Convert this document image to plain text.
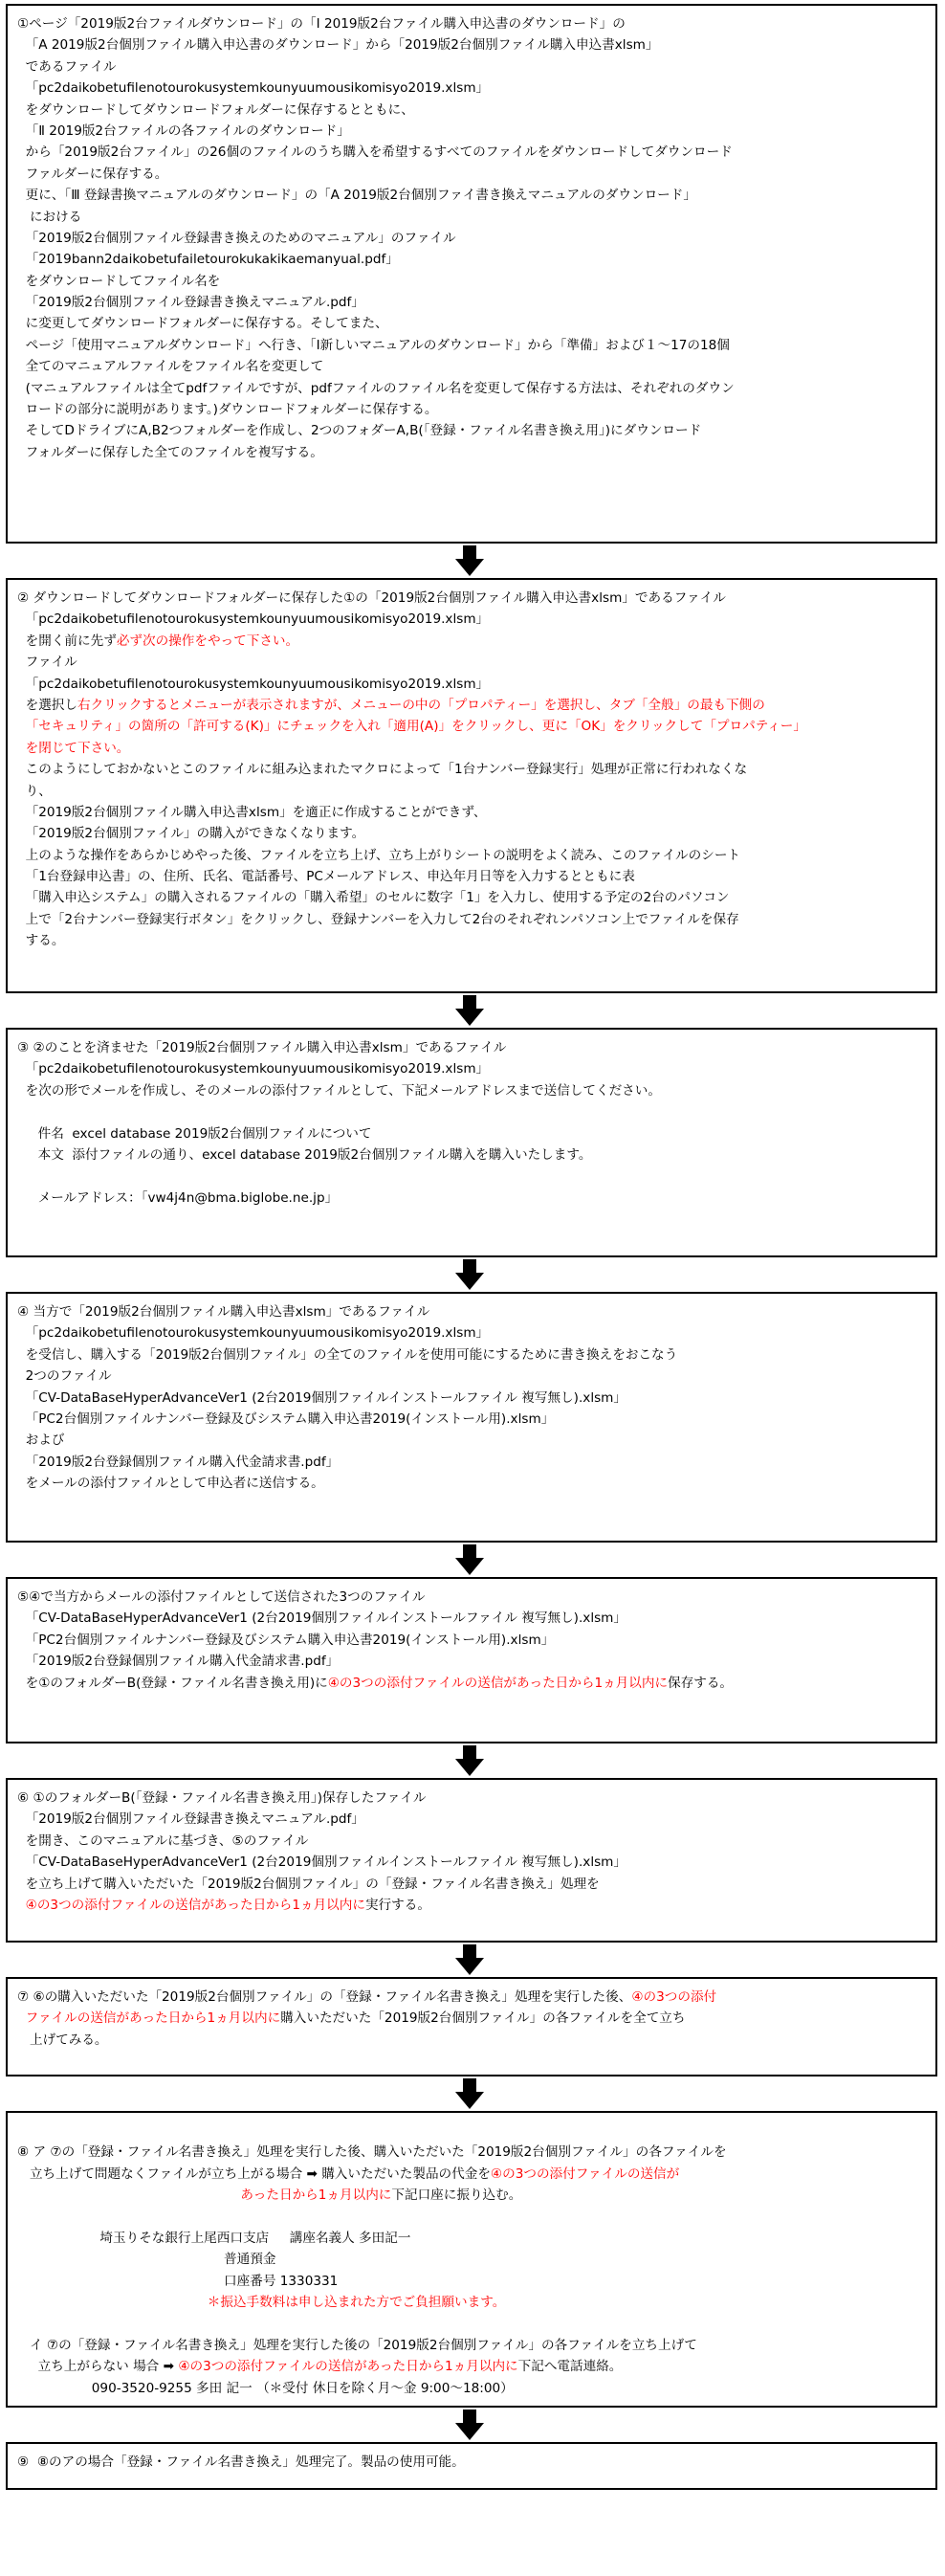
①ページ「2019版2台ファイルダウンロード」の「Ⅰ 2019版2台ファイル購入申込書のダウンロード」の
「A 2019版2台個別ファイル購入申込書のダウンロード」から「2019版2台個別ファイル購入申込書xlsm」
であるファイル
「pc2daikobetufilenotourokusystemkounyuumousikomisyo2019.xlsm」
をダウンロードしてダウンロードフォルダーに保存するとともに、
「Ⅱ 2019版2台ファイルの各ファイルのダウンロード」
から「2019版2台ファイル」の26個のファイルのうち購入を希望するすべてのファイルをダウンロードしてダウンロード
ファルダーに保存する。
更に、「Ⅲ 登録書換マニュアルのダウンロード」の「A 2019版2台個別ファイ書き換えマニュアルのダウンロード」
における
「2019版2台個別ファイル登録書き換えのためのマニュアル」のファイル
「2019bann2daikobetufailetourokukakikaemanyual.pdf」
をダウンロードしてファイル名を
「2019版2台個別ファイル登録書き換えマニュアル.pdf」
に変更してダウンロードフォルダーに保存する。そしてまた、
ページ「使用マニュアルダウンロード」へ行き、「Ⅰ新しいマニュアルのダウンロード」から「準備」および１～17の18個
全てのマニュアルファイルをファイル名を変更して
(マニュアルファイルは全てpdfファイルですが、pdfファイルのファイル名を変更して保存する方法は、それぞれのダウン
ロードの部分に説明があります。)ダウンロードフォルダーに保存する。
そしてDドライブにA,B2つフォルダーを作成し、2つのフォダーA,B(「登録・ファイル名書き換え用」)にダウンロード
フォルダーに保存した全てのファイルを複写する。
② ダウンロードしてダウンロードフォルダーに保存した①の「2019版2台個別ファイル購入申込書xlsm」であるファイル
「pc2daikobetufilenotourokusystemkounyuumousikomisyo2019.xlsm」
を開く前に先ず必ず次の操作をやって下さい。
ファイル
「pc2daikobetufilenotourokusystemkounyuumousikomisyo2019.xlsm」
を選択し右クリックするとメニューが表示されますが、メニューの中の「プロパティー」を選択し、タブ「全般」の最も下側の
「セキュリティ」の箇所の「許可する(K)」にチェックを入れ「適用(A)」をクリックし、更に「OK」をクリックして「プロパティー」
を閉じて下さい。
このようにしておかないとこのファイルに組み込まれたマクロによって「1台ナンバー登録実行」処理が正常に行われなくな
り、
「2019版2台個別ファイル購入申込書xlsm」を適正に作成することができず、
「2019版2台個別ファイル」の購入ができなくなります。
上のような操作をあらかじめやった後、ファイルを立ち上げ、立ち上がりシートの説明をよく読み、このファイルのシート
「1台登録申込書」の、住所、氏名、電話番号、PCメールアドレス、申込年月日等を入力するとともに表
「購入申込システム」の購入されるファイルの「購入希望」のセルに数字「1」を入力し、使用する予定の2台のパソコン
上で「2台ナンバー登録実行ボタン」をクリックし、登録ナンバーを入力して2台のそれぞれンパソコン上でファイルを保存
する。
③ ②のことを済ませた「2019版2台個別ファイル購入申込書xlsm」であるファイル
「pc2daikobetufilenotourokusystemkounyuumousikomisyo2019.xlsm」
を次の形でメールを作成し、そのメールの添付ファイルとして、下記メールアドレスまで送信してください。
件名  excel database 2019版2台個別ファイルについて
本文  添付ファイルの通り、excel database 2019版2台個別ファイル購入を購入いたします。
メールアドレス：「vw4j4n@bma.biglobe.ne.jp」
④ 当方で「2019版2台個別ファイル購入申込書xlsm」であるファイル
「pc2daikobetufilenotourokusystemkounyuumousikomisyo2019.xlsm」
を受信し、購入する「2019版2台個別ファイル」の全てのファイルを使用可能にするために書き換えをおこなう
2つのファイル
「CV-DataBaseHyperAdvanceVer1 (2台2019個別ファイルインストールファイル 複写無し).xlsm」
「PC2台個別ファイルナンバー登録及びシステム購入申込書2019(インストール用).xlsm」
および
「2019版2台登録個別ファイル購入代金請求書.pdf」
をメールの添付ファイルとして申込者に送信する。
⑤④で当方からメールの添付ファイルとして送信された3つのファイル
「CV-DataBaseHyperAdvanceVer1 (2台2019個別ファイルインストールファイル 複写無し).xlsm」
「PC2台個別ファイルナンバー登録及びシステム購入申込書2019(インストール用).xlsm」
「2019版2台登録個別ファイル購入代金請求書.pdf」
を①のフォルダーB(登録・ファイル名書き換え用)に④の3つの添付ファイルの送信があった日から1ヵ月以内に保存する。
⑥ ①のフォルダーB(「登録・ファイル名書き換え用」)保存したファイル
「2019版2台個別ファイル登録書き換えマニュアル.pdf」
を開き、このマニュアルに基づき、⑤のファイル
「CV-DataBaseHyperAdvanceVer1 (2台2019個別ファイルインストールファイル 複写無し).xlsm」
を立ち上げて購入いただいた「2019版2台個別ファイル」の「登録・ファイル名書き換え」処理を
④の3つの添付ファイルの送信があった日から1ヵ月以内に実行する。
⑦ ⑥の購入いただいた「2019版2台個別ファイル」の「登録・ファイル名書き換え」処理を実行した後、④の3つの添付
ファイルの送信があった日から1ヵ月以内に購入いただいた「2019版2台個別ファイル」の各ファイルを全て立ち
上げてみる。
⑧ ア ⑦の「登録・ファイル名書き換え」処理を実行した後、購入いただいた「2019版2台個別ファイル」の各ファイルを
立ち上げて問題なくファイルが立ち上がる場合 ➡ 購入いただいた製品の代金を④の3つの添付ファイルの送信が
あった日から1ヵ月以内に下記口座に振り込む。
埼玉りそな銀行上尾西口支店     講座名義人 多田記一
普通預金
口座番号 1330331
＊振込手数料は申し込まれた方でご負担願います。
イ ⑦の「登録・ファイル名書き換え」処理を実行した後の「2019版2台個別ファイル」の各ファイルを立ち上げて
立ち上がらない 場合 ➡ ④の3つの添付ファイルの送信があった日から1ヵ月以内に下記へ電話連絡。
090-3520-9255 多田 記一 （＊受付 休日を除く月～金 9:00～18:00）
⑨  ⑧のアの場合「登録・ファイル名書き換え」処理完了。製品の使用可能。
